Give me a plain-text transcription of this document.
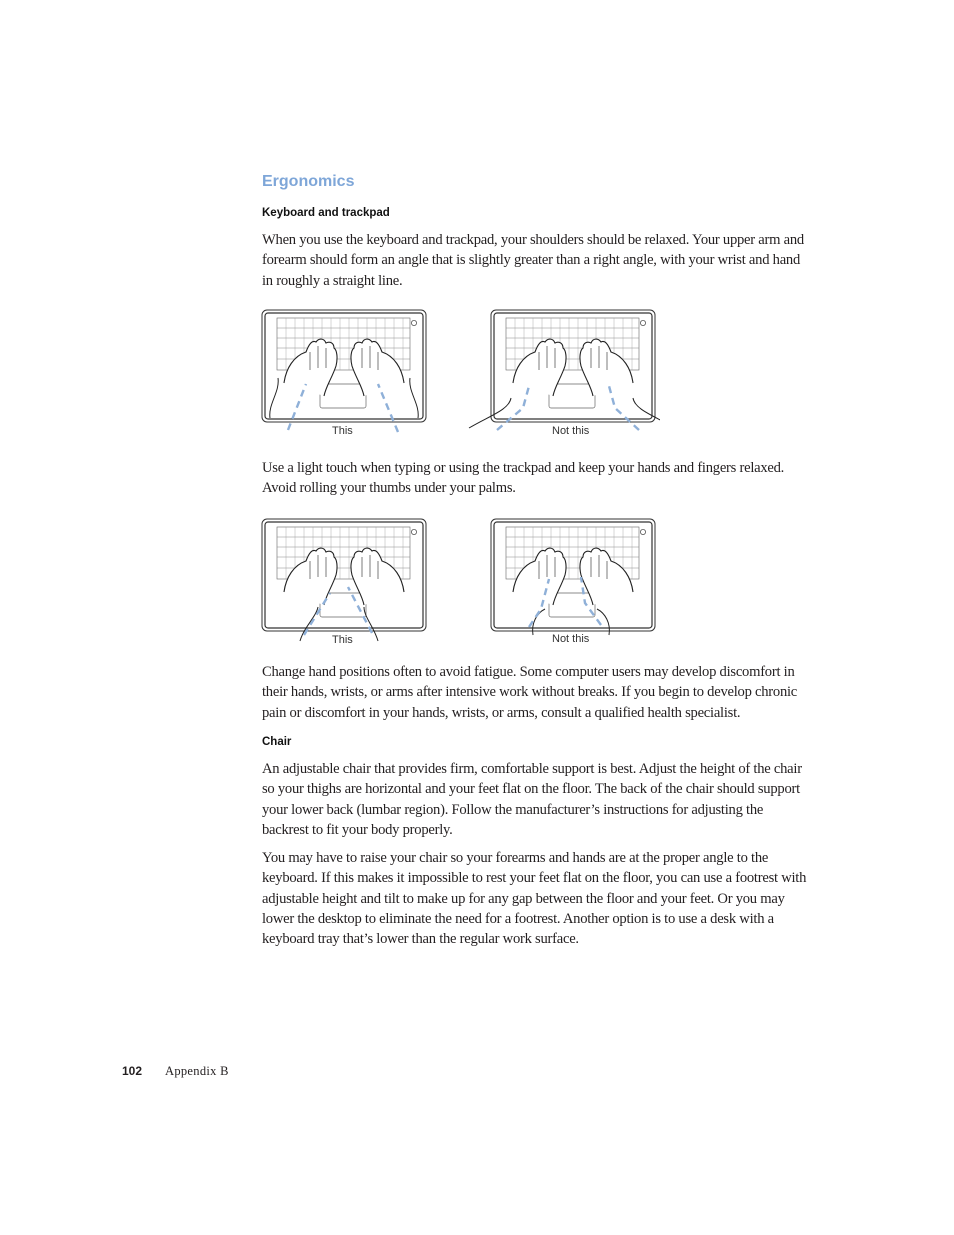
Ergonomics
Keyboard and trackpad

When you use the keyboard and trackpad, your shoulders should be relaxed. Your upper arm and forearm should form an angle that is slightly greater than a right angle, with your wrist and hand in roughly a straight line.

This	Not this

Use a light touch when typing or using the trackpad and keep your hands and fingers relaxed. Avoid rolling your thumbs under your palms.

This	Not this

Change hand positions often to avoid fatigue. Some computer users may develop discomfort in their hands, wrists, or arms after intensive work without breaks. If you begin to develop chronic pain or discomfort in your hands, wrists, or arms, consult a qualified health specialist.

Chair

An adjustable chair that provides firm, comfortable support is best. Adjust the height of the chair so your thighs are horizontal and your feet flat on the floor. The back of the chair should support your lower back (lumbar region). Follow the manufacturer’s instructions for adjusting the backrest to fit your body properly.

You may have to raise your chair so your forearms and hands are at the proper angle to the keyboard. If this makes it impossible to rest your feet flat on the floor, you can use a footrest with adjustable height and tilt to make up for any gap between the floor and your feet. Or you may lower the desktop to eliminate the need for a footrest. Another option is to use a desk with a keyboard tray that’s lower than the regular work surface.

102 Appendix B
